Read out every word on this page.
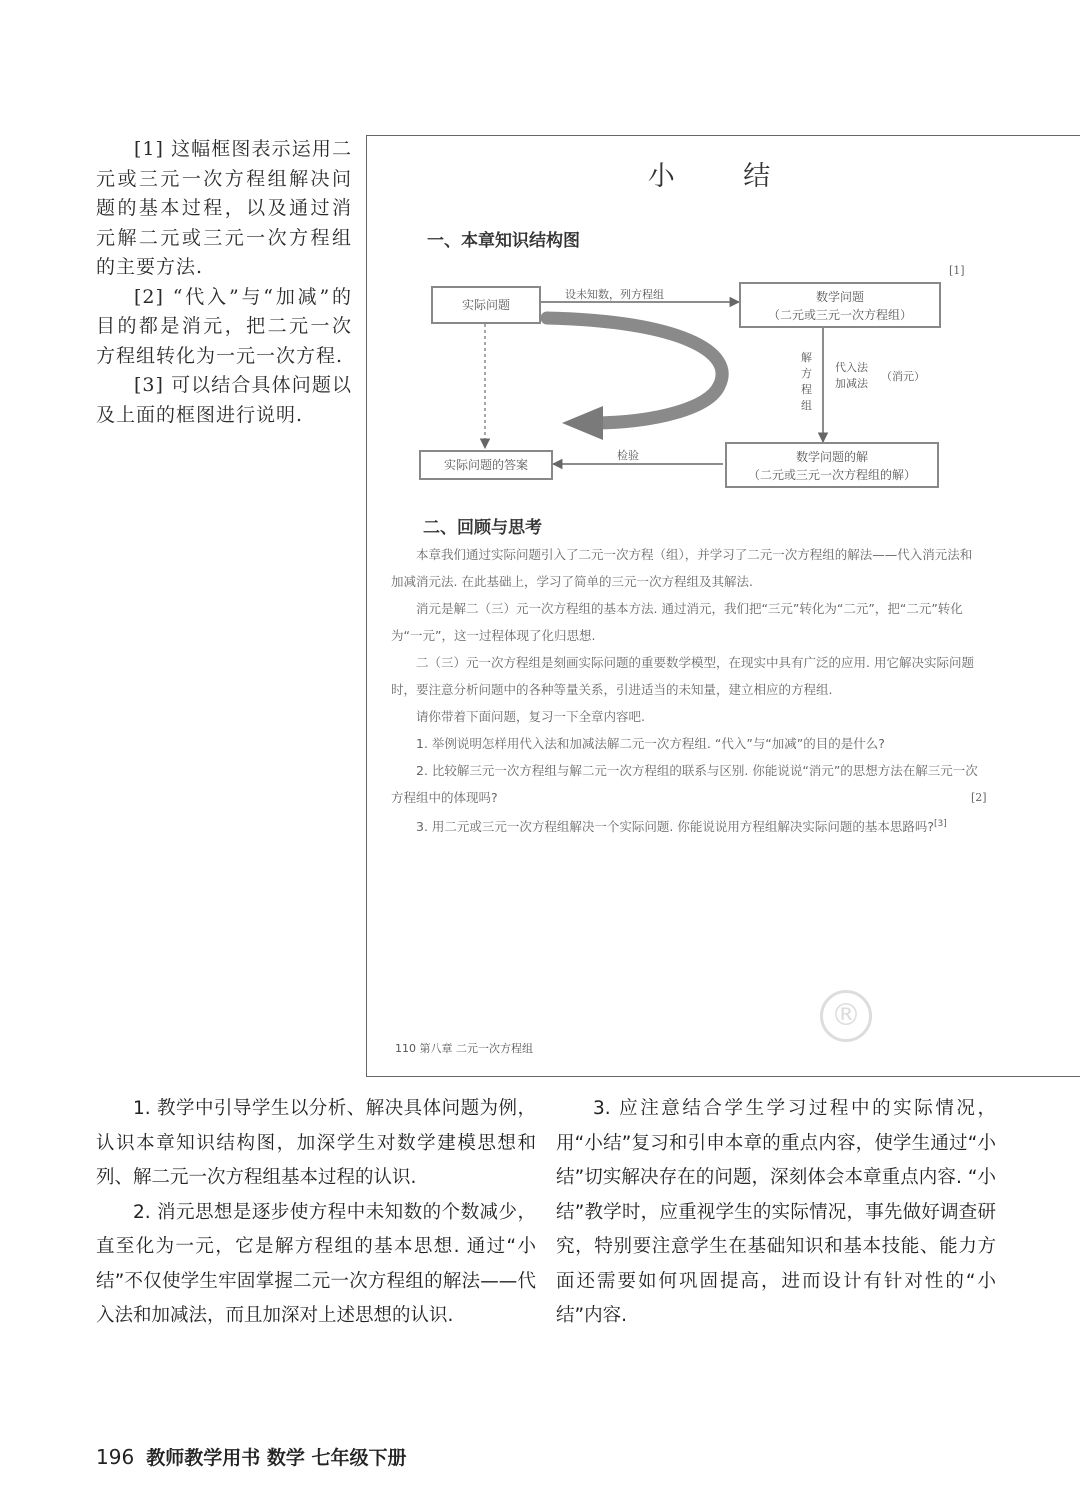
[1] 这幅框图表示运用二元或三元一次方程组解决问题的基本过程，以及通过消元解二元或三元一次方程组的主要方法.

[2] “代入”与“加减”的目的都是消元，把二元一次方程组转化为一元一次方程.

[3] 可以结合具体问题以及上面的框图进行说明.

小 结
一、本章知识结构图
[1]
实际问题
设未知数，列方程组	数学问题
（二元或三元一次方程组）
解方程组
代入法
加减法
（消元）
数学问题的解
（二元或三元一次方程组的解）
检验
实际问题的答案
二、回顾与思考

本章我们通过实际问题引入了二元一次方程（组），并学习了二元一次方程组的解法——代入消元法和加减消元法. 在此基础上，学习了简单的三元一次方程组及其解法.

消元是解二（三）元一次方程组的基本方法. 通过消元，我们把“三元”转化为“二元”，把“二元”转化为“一元”，这一过程体现了化归思想.

二（三）元一次方程组是刻画实际问题的重要数学模型，在现实中具有广泛的应用. 用它解决实际问题时，要注意分析问题中的各种等量关系，引进适当的未知量，建立相应的方程组.

请你带着下面问题，复习一下全章内容吧.

1. 举例说明怎样用代入法和加减法解二元一次方程组. “代入”与“加减”的目的是什么?

2. 比较解三元一次方程组与解二元一次方程组的联系与区别. 你能说说“消元”的思想方法在解三元一次方程组中的体现吗?

3. 用二元或三元一次方程组解决一个实际问题. 你能说说用方程组解决实际问题的基本思路吗?[3]

[2]
110 第八章 二元一次方程组
®

1. 教学中引导学生以分析、解决具体问题为例，认识本章知识结构图，加深学生对数学建模思想和列、解二元一次方程组基本过程的认识.

2. 消元思想是逐步使方程中未知数的个数减少，直至化为一元，它是解方程组的基本思想. 通过“小结”不仅使学生牢固掌握二元一次方程组的解法——代入法和加减法，而且加深对上述思想的认识.

3. 应注意结合学生学习过程中的实际情况，用“小结”复习和引申本章的重点内容，使学生通过“小结”切实解决存在的问题，深刻体会本章重点内容. “小结”教学时，应重视学生的实际情况，事先做好调查研究，特别要注意学生在基础知识和基本技能、能力方面还需要如何巩固提高，进而设计有针对性的“小结”内容.

196 教师教学用书 数学 七年级下册
